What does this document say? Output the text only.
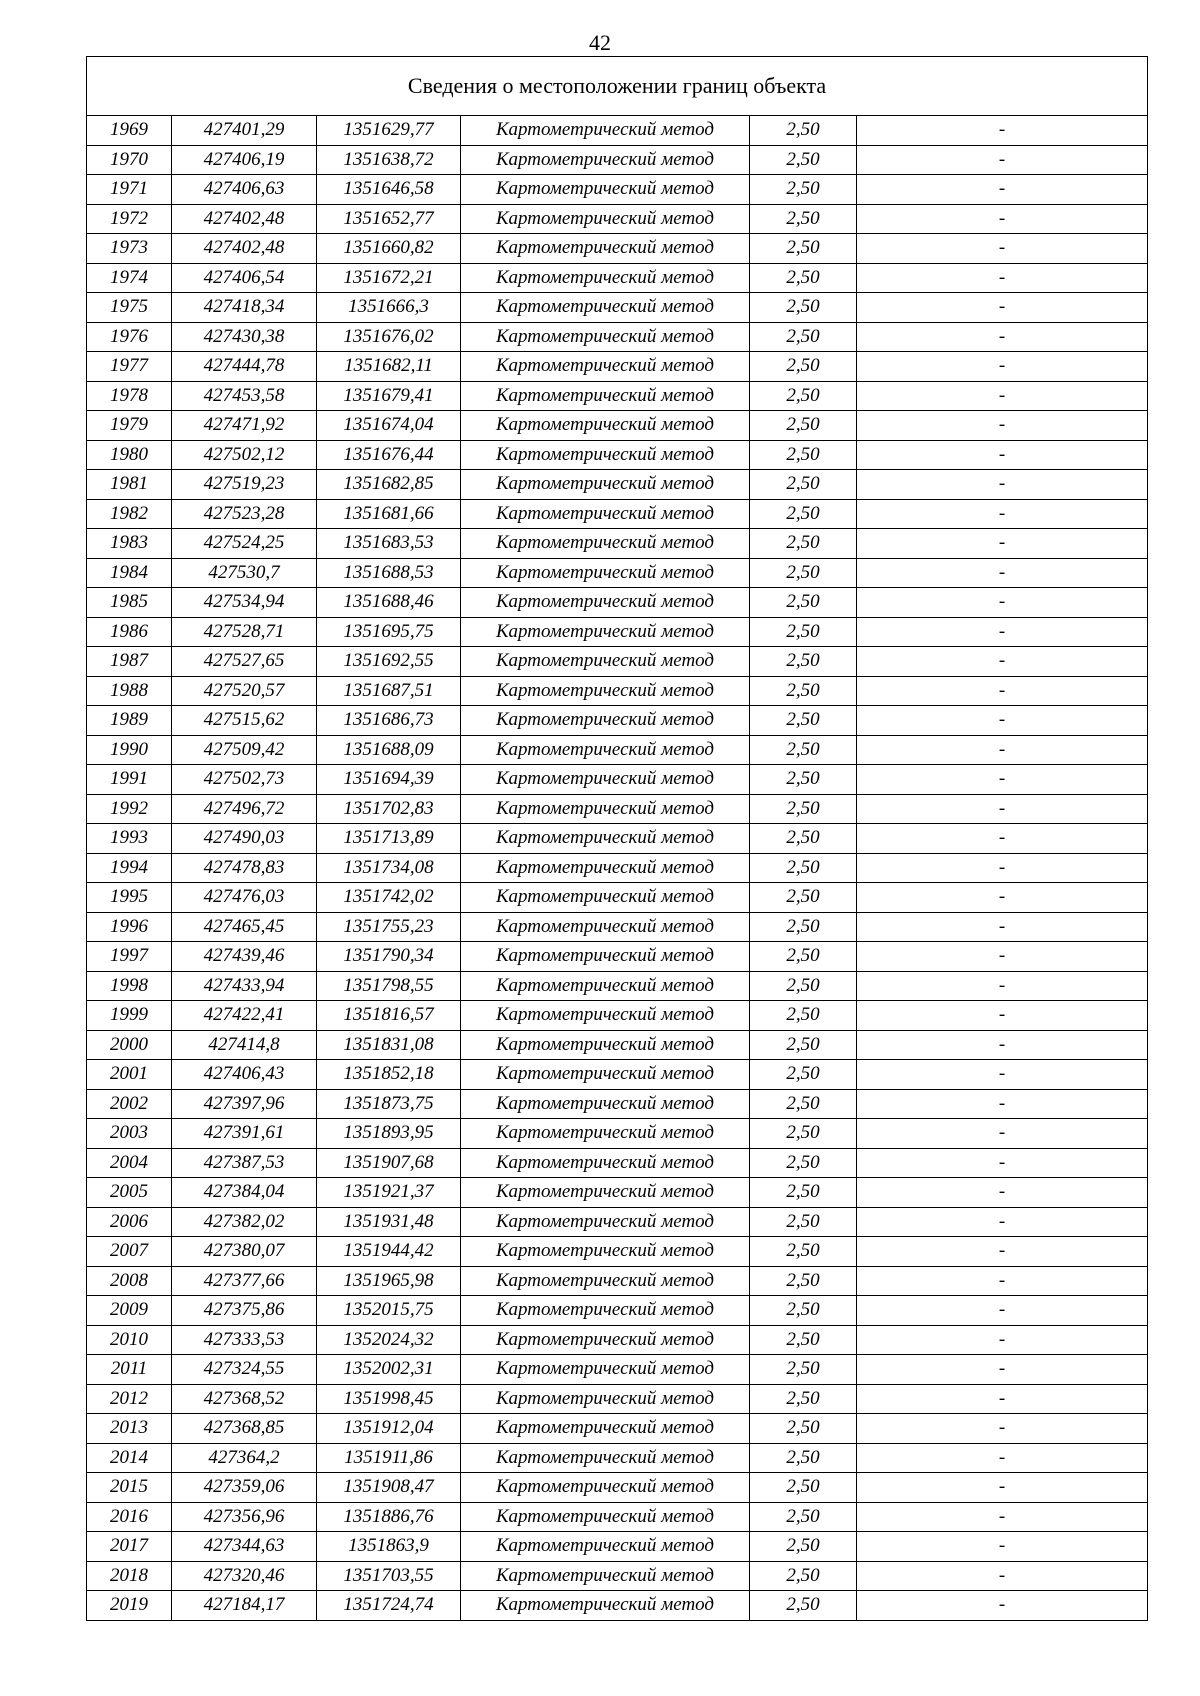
42
Сведения о местоположении границ объекта					
1969	427401,29	1351629,77	Картометрический метод	2,50	-
1970	427406,19	1351638,72	Картометрический метод	2,50	-
1971	427406,63	1351646,58	Картометрический метод	2,50	-
1972	427402,48	1351652,77	Картометрический метод	2,50	-
1973	427402,48	1351660,82	Картометрический метод	2,50	-
1974	427406,54	1351672,21	Картометрический метод	2,50	-
1975	427418,34	1351666,3	Картометрический метод	2,50	-
1976	427430,38	1351676,02	Картометрический метод	2,50	-
1977	427444,78	1351682,11	Картометрический метод	2,50	-
1978	427453,58	1351679,41	Картометрический метод	2,50	-
1979	427471,92	1351674,04	Картометрический метод	2,50	-
1980	427502,12	1351676,44	Картометрический метод	2,50	-
1981	427519,23	1351682,85	Картометрический метод	2,50	-
1982	427523,28	1351681,66	Картометрический метод	2,50	-
1983	427524,25	1351683,53	Картометрический метод	2,50	-
1984	427530,7	1351688,53	Картометрический метод	2,50	-
1985	427534,94	1351688,46	Картометрический метод	2,50	-
1986	427528,71	1351695,75	Картометрический метод	2,50	-
1987	427527,65	1351692,55	Картометрический метод	2,50	-
1988	427520,57	1351687,51	Картометрический метод	2,50	-
1989	427515,62	1351686,73	Картометрический метод	2,50	-
1990	427509,42	1351688,09	Картометрический метод	2,50	-
1991	427502,73	1351694,39	Картометрический метод	2,50	-
1992	427496,72	1351702,83	Картометрический метод	2,50	-
1993	427490,03	1351713,89	Картометрический метод	2,50	-
1994	427478,83	1351734,08	Картометрический метод	2,50	-
1995	427476,03	1351742,02	Картометрический метод	2,50	-
1996	427465,45	1351755,23	Картометрический метод	2,50	-
1997	427439,46	1351790,34	Картометрический метод	2,50	-
1998	427433,94	1351798,55	Картометрический метод	2,50	-
1999	427422,41	1351816,57	Картометрический метод	2,50	-
2000	427414,8	1351831,08	Картометрический метод	2,50	-
2001	427406,43	1351852,18	Картометрический метод	2,50	-
2002	427397,96	1351873,75	Картометрический метод	2,50	-
2003	427391,61	1351893,95	Картометрический метод	2,50	-
2004	427387,53	1351907,68	Картометрический метод	2,50	-
2005	427384,04	1351921,37	Картометрический метод	2,50	-
2006	427382,02	1351931,48	Картометрический метод	2,50	-
2007	427380,07	1351944,42	Картометрический метод	2,50	-
2008	427377,66	1351965,98	Картометрический метод	2,50	-
2009	427375,86	1352015,75	Картометрический метод	2,50	-
2010	427333,53	1352024,32	Картометрический метод	2,50	-
2011	427324,55	1352002,31	Картометрический метод	2,50	-
2012	427368,52	1351998,45	Картометрический метод	2,50	-
2013	427368,85	1351912,04	Картометрический метод	2,50	-
2014	427364,2	1351911,86	Картометрический метод	2,50	-
2015	427359,06	1351908,47	Картометрический метод	2,50	-
2016	427356,96	1351886,76	Картометрический метод	2,50	-
2017	427344,63	1351863,9	Картометрический метод	2,50	-
2018	427320,46	1351703,55	Картометрический метод	2,50	-
2019	427184,17	1351724,74	Картометрический метод	2,50	-
